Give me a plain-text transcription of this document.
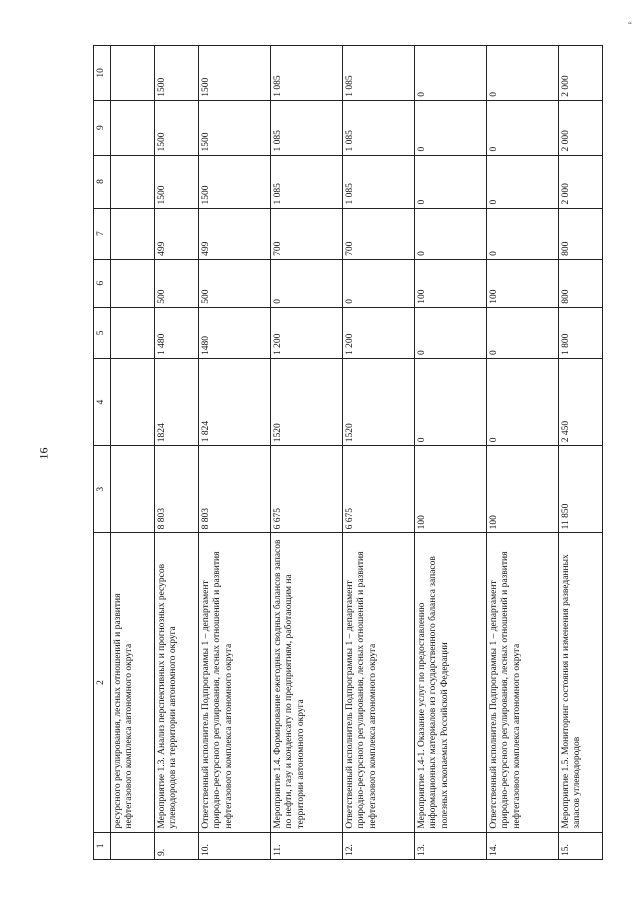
16
“
1	2	3	4	5	6	7	8	9	10
	ресурсного регулирования, лесных отношений и развития нефтегазового комплекса автономного округа								
9.	Мероприятие 1.3. Анализ перспективных и прогнозных ресурсов углеводородов на территории автономного округа	8 803	1824	1 480	500	499	1500	1500	1500
10.	Ответственный исполнитель Подпрограммы 1 – департамент природно-ресурсного регулирования, лесных отношений и развития нефтегазового комплекса автономного округа	8 803	1 824	1480	500	499	1500	1500	1500
11.	Мероприятие 1.4. Формирование ежегодных сводных балансов запасов по нефти, газу и конденсату по предприятиям, работающим на территории автономного округа	6 675	1520	1 200	0	700	1 085	1 085	1 085
12.	Ответственный исполнитель Подпрограммы 1 – департамент природно-ресурсного регулирования, лесных отношений и развития нефтегазового комплекса автономного округа	6 675	1520	1 200	0	700	1 085	1 085	1 085
13.	Мероприятие 1.4-1. Оказание услуг по предоставлению информационных материалов из государственного баланса запасов полезных ископаемых Российской Федерации	100	0	0	100	0	0	0	0
14.	Ответственный исполнитель Подпрограммы 1 – департамент природно-ресурсного регулирования, лесных отношений и развития нефтегазового комплекса автономного округа	100	0	0	100	0	0	0	0
15.	Мероприятие 1.5. Мониторинг состояния и изменения разведанных запасов углеводородов	11 850	2 450	1 800	800	800	2 000	2 000	2 000
